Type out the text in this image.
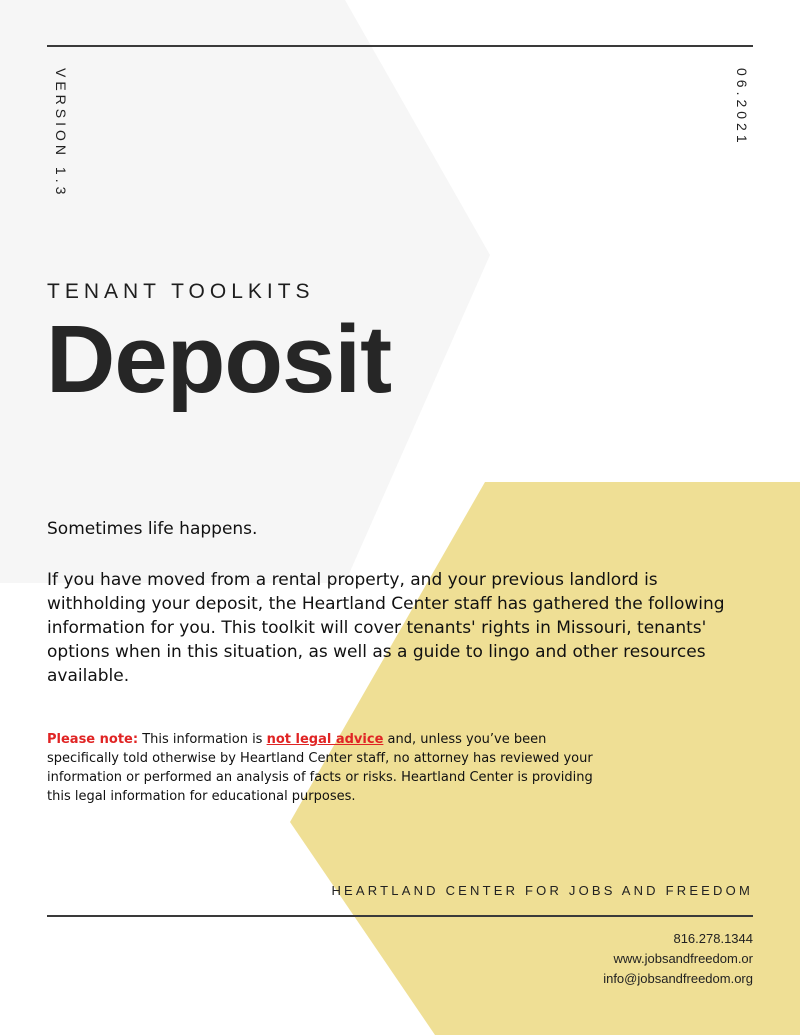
VERSION 1.3	06.2021
TENANT TOOLKITS
Deposit
Sometimes life happens.
If you have moved from a rental property, and your previous landlord is withholding your deposit, the Heartland Center staff has gathered the following information for you. This toolkit will cover tenants' rights in Missouri, tenants' options when in this situation, as well as a guide to lingo and other resources available.
Please note: This information is not legal advice and, unless you’ve been specifically told otherwise by Heartland Center staff, no attorney has reviewed your information or performed an analysis of facts or risks. Heartland Center is providing this legal information for educational purposes.
HEARTLAND CENTER FOR JOBS AND FREEDOM
816.278.1344
www.jobsandfreedom.or
info@jobsandfreedom.org
